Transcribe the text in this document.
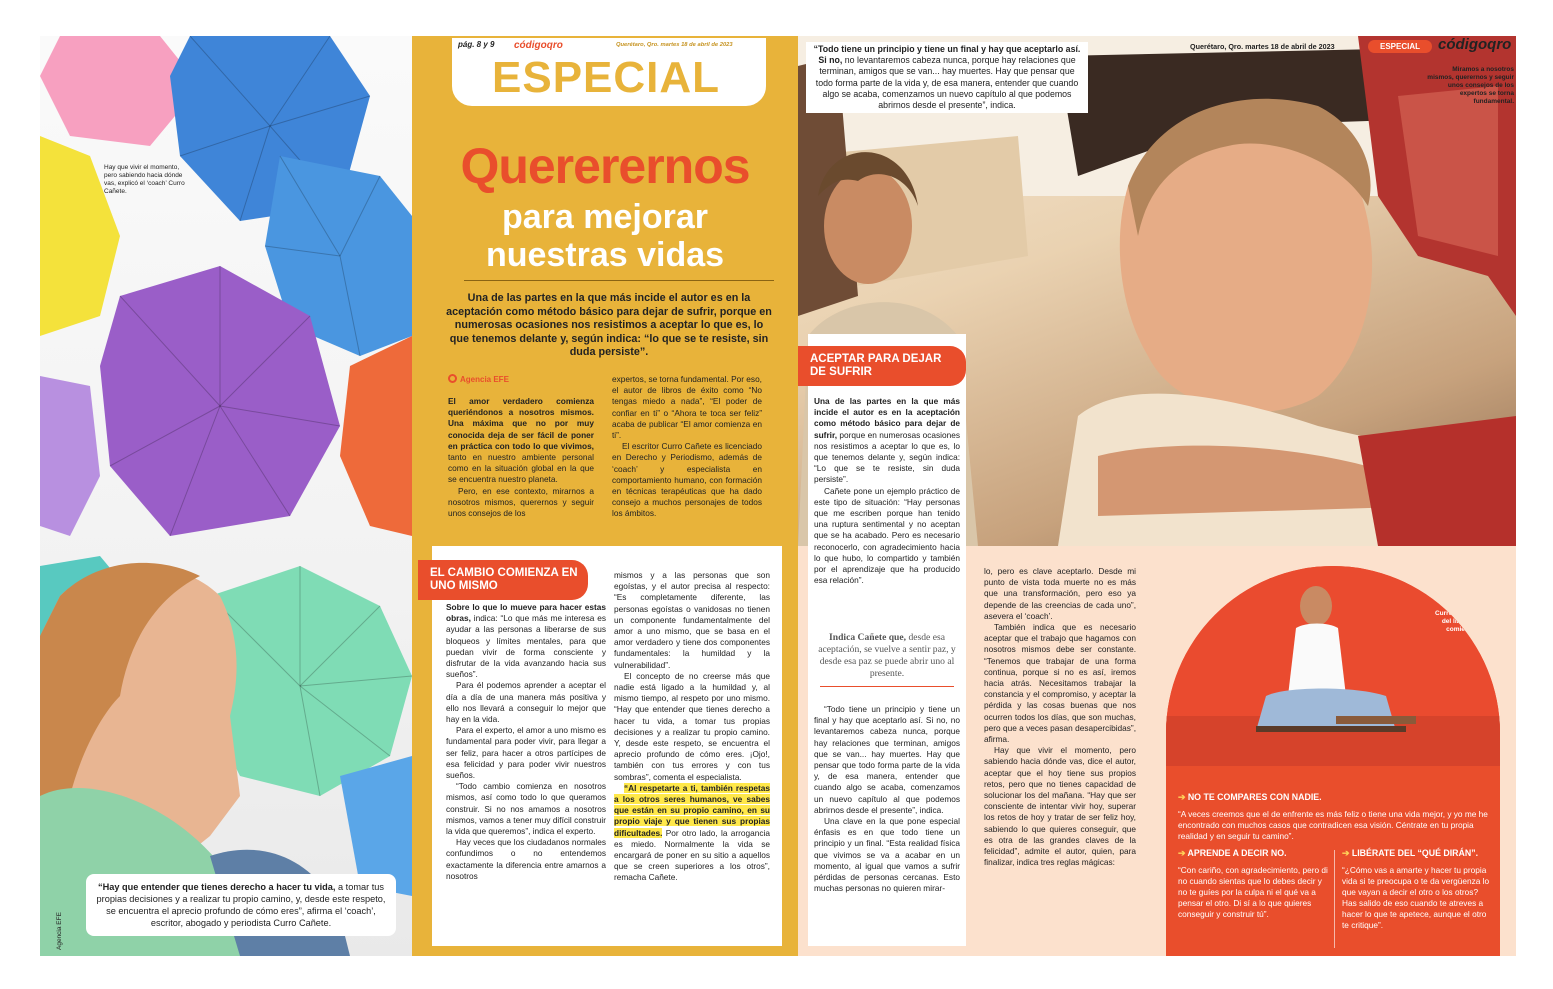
Hay que vivir el momento, pero sabiendo hacia dónde vas, explicó el ‘coach’ Curro Cañete.
“Hay que entender que tienes derecho a hacer tu vida, a tomar tus propias decisiones y a realizar tu propio camino, y, desde este respeto, se encuentra el aprecio profundo de cómo eres”, afirma el ‘coach’, escritor, abogado y periodista Curro Cañete.
Agencia EFE
pág. 8 y 9 códigoqro	Querétaro, Qro. martes 18 de abril de 2023
ESPECIAL
Quererernos
para mejorar
nuestras vidas
Una de las partes en la que más incide el autor es en la aceptación como método básico para dejar de sufrir, porque en numerosas ocasiones nos resistimos a aceptar lo que es, lo que tenemos delante y, según indica: “lo que se te resiste, sin duda persiste”.
Agencia EFE

El amor verdadero comienza queriéndonos a nosotros mismos. Una máxima que no por muy conocida deja de ser fácil de poner en práctica con todo lo que vivimos, tanto en nuestro ambiente personal como en la situación global en la que se encuentra nuestro planeta.

Pero, en ese contexto, mirarnos a nosotros mismos, querernos y seguir unos consejos de los

expertos, se torna fundamental. Por eso, el autor de libros de éxito como “No tengas miedo a nada”, “El poder de confiar en ti” o “Ahora te toca ser feliz” acaba de publicar “El amor comienza en ti”.

El escritor Curro Cañete es licenciado en Derecho y Periodismo, además de ‘coach’ y especialista en comportamiento humano, con formación en técnicas terapéuticas que ha dado consejo a muchos personajes de todos los ámbitos.

EL CAMBIO COMIENZA EN UNO MISMO

Sobre lo que lo mueve para hacer estas obras, indica: “Lo que más me interesa es ayudar a las personas a liberarse de sus bloqueos y límites mentales, para que puedan vivir de forma consciente y disfrutar de la vida avanzando hacia sus sueños”.

Para él podemos aprender a aceptar el día a día de una manera más positiva y ello nos llevará a conseguir lo mejor que hay en la vida.

Para el experto, el amor a uno mismo es fundamental para poder vivir, para llegar a ser feliz, para hacer a otros partícipes de esa felicidad y para poder vivir nuestros sueños.

“Todo cambio comienza en nosotros mismos, así como todo lo que queramos construir. Si no nos amamos a nosotros mismos, vamos a tener muy difícil construir la vida que queremos”, indica el experto.

Hay veces que los ciudadanos normales confundimos o no entendemos exactamente la diferencia entre amarnos a nosotros

mismos y a las personas que son egoístas, y el autor precisa al respecto: “Es completamente diferente, las personas egoístas o vanidosas no tienen un componente fundamentalmente del amor a uno mismo, que se basa en el amor verdadero y tiene dos componentes fundamentales: la humildad y la vulnerabilidad”.

El concepto de no creerse más que nadie está ligado a la humildad y, al mismo tiempo, al respeto por uno mismo. “Hay que entender que tienes derecho a hacer tu vida, a tomar tus propias decisiones y a realizar tu propio camino. Y, desde este respeto, se encuentra el aprecio profundo de cómo eres. ¡Ojo!, también con tus errores y con tus sombras”, comenta el especialista.

“Al respetarte a ti, también respetas a los otros seres humanos, ve sabes que están en su propio camino, en su propio viaje y que tienen sus propias dificultades. Por otro lado, la arrogancia es miedo. Normalmente la vida se encargará de poner en su sitio a aquellos que se creen superiores a los otros”, remacha Cañete.

“Todo tiene un principio y tiene un final y hay que aceptarlo así. Si no, no levantaremos cabeza nunca, porque hay relaciones que terminan, amigos que se van... hay muertes. Hay que pensar que todo forma parte de la vida y, de esa manera, entender que cuando algo se acaba, comenzamos un nuevo capítulo al que podemos abrirnos desde el presente”, indica.
Querétaro, Qro. martes 18 de abril de 2023	ESPECIAL	códigoqro
Miramos a nosotros mismos, querernos y seguir unos consejos de los expertos se torna fundamental.
ACEPTAR PARA DEJAR DE SUFRIR

Una de las partes en la que más incide el autor es en la aceptación como método básico para dejar de sufrir, porque en numerosas ocasiones nos resistimos a aceptar lo que es, lo que tenemos delante y, según indica: “Lo que se te resiste, sin duda persiste”.

Cañete pone un ejemplo práctico de este tipo de situación: “Hay personas que me escriben porque han tenido una ruptura sentimental y no aceptan que se ha acabado. Pero es necesario reconocerlo, con agradecimiento hacia lo que hubo, lo compartido y también por el aprendizaje que ha producido esa relación”.

Indica Cañete que, desde esa aceptación, se vuelve a sentir paz, y desde esa paz se puede abrir uno al presente.

“Todo tiene un principio y tiene un final y hay que aceptarlo así. Si no, no levantaremos cabeza nunca, porque hay relaciones que terminan, amigos que se van... hay muertes. Hay que pensar que todo forma parte de la vida y, de esa manera, entender que cuando algo se acaba, comenzamos un nuevo capítulo al que podemos abrirnos desde el presente”, indica.

Una clave en la que pone especial énfasis es en que todo tiene un principio y un final. “Esta realidad física que vivimos se va a acabar en un momento, al igual que vamos a sufrir pérdidas de personas cercanas. Esto muchas personas no quieren mirar-

lo, pero es clave aceptarlo. Desde mi punto de vista toda muerte no es más que una transformación, pero eso ya depende de las creencias de cada uno”, asevera el ‘coach’.

También indica que es necesario aceptar que el trabajo que hagamos con nosotros mismos debe ser constante. “Tenemos que trabajar de una forma continua, porque si no es así, iremos hacia atrás. Necesitamos trabajar la constancia y el compromiso, y aceptar la pérdida y las cosas buenas que nos ocurren todos los días, que son muchas, pero que a veces pasan desapercibidas”, afirma.

Hay que vivir el momento, pero sabiendo hacia dónde vas, dice el autor, aceptar que el hoy tiene sus propios retos, pero que no tienes capacidad de solucionar los del mañana. “Hay que ser consciente de intentar vivir hoy, superar los retos de hoy y tratar de ser feliz hoy, sabiendo lo que quieres conseguir, que es otra de las grandes claves de la felicidad”, admite el autor, quien, para finalizar, indica tres reglas mágicas:

Curro Cañete, autor del libro “El amor comienza en ti”.
➔ NO TE COMPARES CON NADIE.
“A veces creemos que el de enfrente es más feliz o tiene una vida mejor, y yo me he encontrado con muchos casos que contradicen esa visión. Céntrate en tu propia realidad y en seguir tu camino”.
➔ APRENDE A DECIR NO.
“Con cariño, con agradecimiento, pero di no cuando sientas que lo debes decir y no te guíes por la culpa ni el qué va a pensar el otro. Di sí a lo que quieres conseguir y construir tú”.
➔ LIBÉRATE DEL “QUÉ DIRÁN”.
“¿Cómo vas a amarte y hacer tu propia vida si te preocupa o te da vergüenza lo que vayan a decir el otro o los otros? Has salido de eso cuando te atreves a hacer lo que te apetece, aunque el otro te critique”.
